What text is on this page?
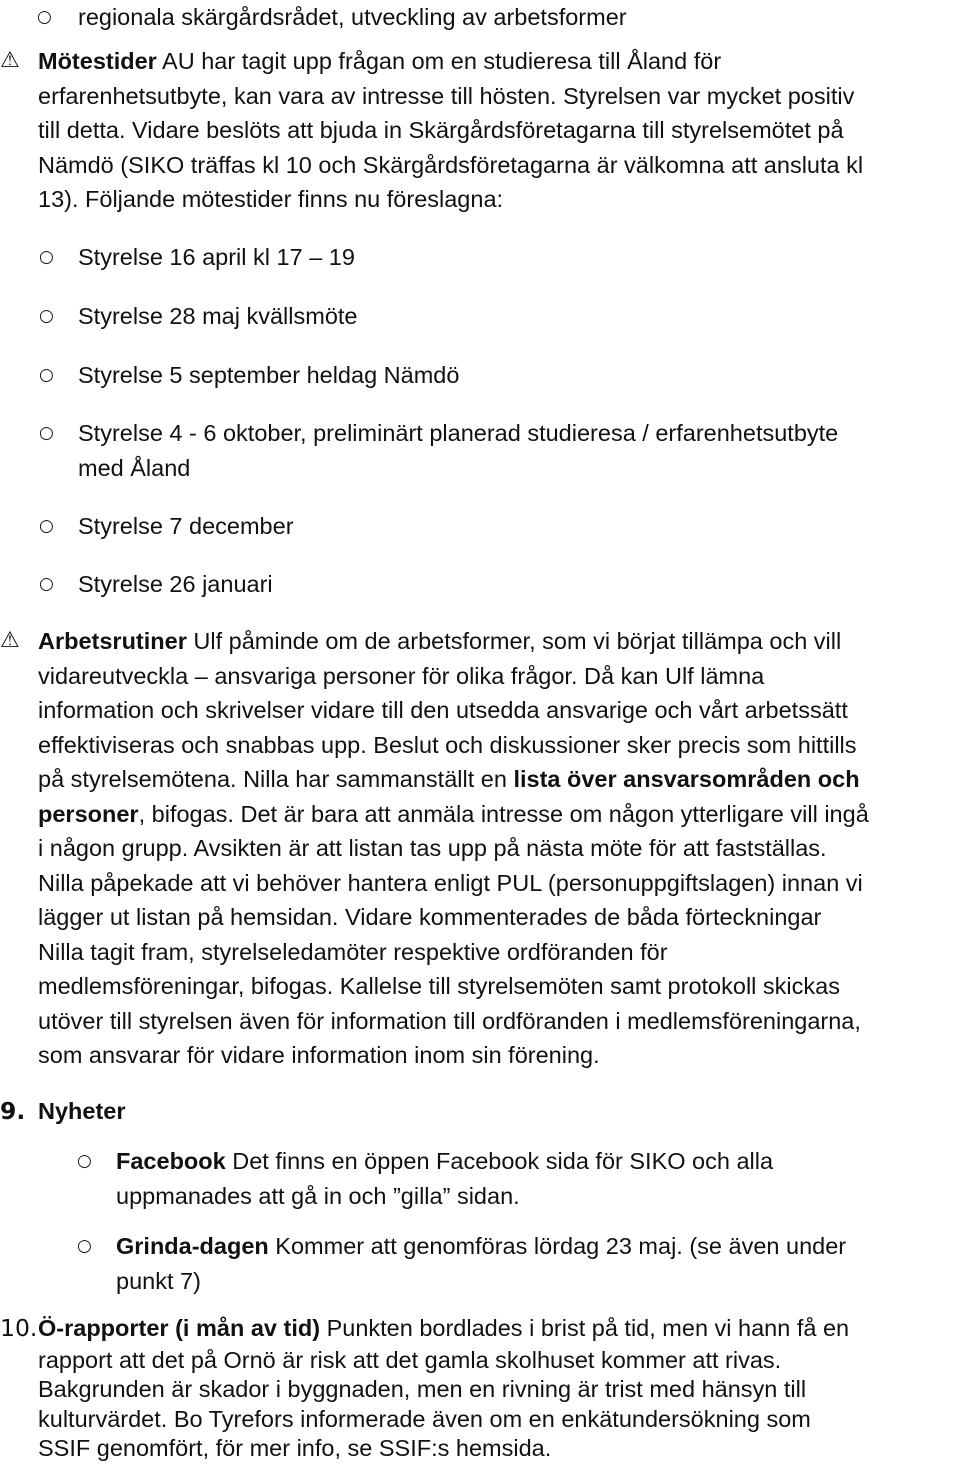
○ regionala skärgårdsrådet, utveckling av arbetsformer
⚠ Mötestider AU har tagit upp frågan om en studieresa till Åland för
erfarenhetsutbyte, kan vara av intresse till hösten. Styrelsen var mycket positiv
till detta. Vidare beslöts att bjuda in Skärgårdsföretagarna till styrelsemötet på
Nämdö (SIKO träffas kl 10 och Skärgårdsföretagarna är välkomna att ansluta kl
13). Följande mötestider finns nu föreslagna:
○ Styrelse 16 april kl 17 – 19
○ Styrelse 28 maj kvällsmöte
○ Styrelse 5 september heldag Nämdö
○ Styrelse 4 - 6 oktober, preliminärt planerad studieresa / erfarenhetsutbyte
med Åland
○ Styrelse 7 december
○ Styrelse 26 januari
⚠ Arbetsrutiner Ulf påminde om de arbetsformer, som vi börjat tillämpa och vill
vidareutveckla – ansvariga personer för olika frågor. Då kan Ulf lämna
information och skrivelser vidare till den utsedda ansvarige och vårt arbetssätt
effektiviseras och snabbas upp. Beslut och diskussioner sker precis som hittills
på styrelsemötena. Nilla har sammanställt en lista över ansvarsområden och
personer, bifogas. Det är bara att anmäla intresse om någon ytterligare vill ingå
i någon grupp. Avsikten är att listan tas upp på nästa möte för att fastställas.
Nilla påpekade att vi behöver hantera enligt PUL (personuppgiftslagen) innan vi
lägger ut listan på hemsidan. Vidare kommenterades de båda förteckningar
Nilla tagit fram, styrelseledamöter respektive ordföranden för
medlemsföreningar, bifogas. Kallelse till styrelsemöten samt protokoll skickas
utöver till styrelsen även för information till ordföranden i medlemsföreningarna,
som ansvarar för vidare information inom sin förening.
9. Nyheter
○ Facebook Det finns en öppen Facebook sida för SIKO och alla
uppmanades att gå in och ”gilla” sidan.
○ Grinda-dagen Kommer att genomföras lördag 23 maj. (se även under
punkt 7)
10. Ö-rapporter (i mån av tid) Punkten bordlades i brist på tid, men vi hann få en
rapport att det på Ornö är risk att det gamla skolhuset kommer att rivas.
Bakgrunden är skador i byggnaden, men en rivning är trist med hänsyn till
kulturvärdet. Bo Tyrefors informerade även om en enkätundersökning som
SSIF genomfört, för mer info, se SSIF:s hemsida.
